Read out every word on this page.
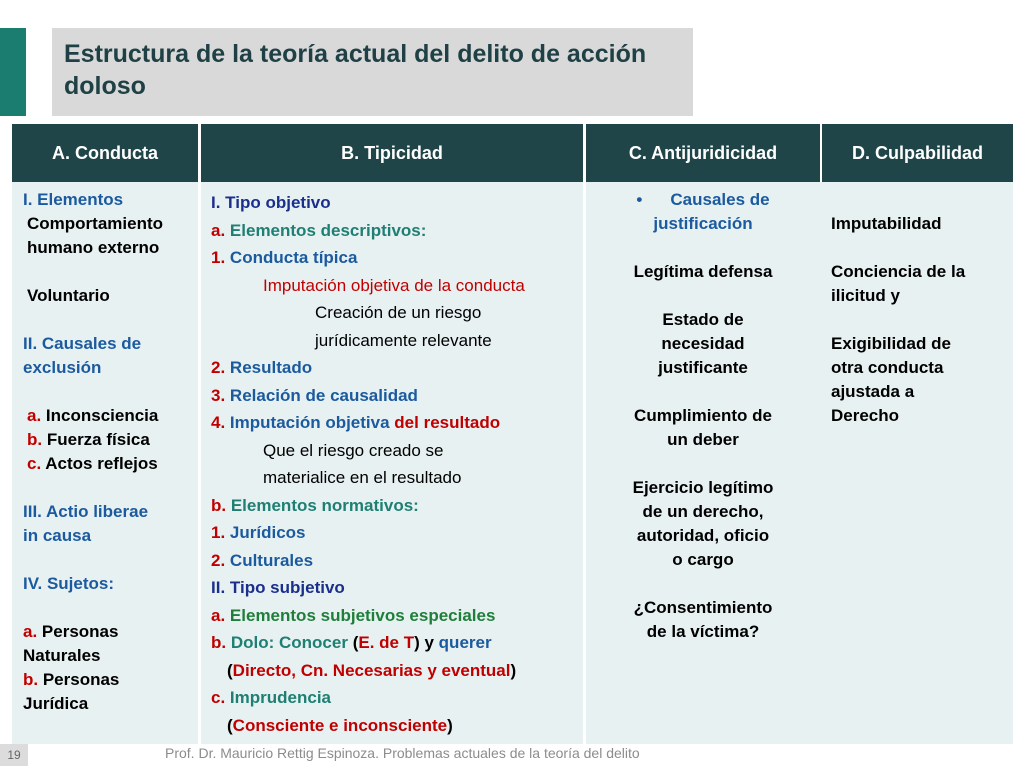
Estructura de la teoría actual del delito de acción doloso
A. Conducta
I. Elementos
Comportamiento
humano externo
Voluntario
II. Causales de
exclusión
a. Inconsciencia
b. Fuerza física
c. Actos reflejos
III. Actio liberae
in causa
IV. Sujetos:
a. Personas
Naturales
b. Personas
Jurídica
B. Tipicidad
I. Tipo objetivo
a. Elementos descriptivos:
1. Conducta típica
Imputación objetiva de la conducta
Creación de un riesgo
jurídicamente relevante
2. Resultado
3. Relación de causalidad
4. Imputación objetiva del resultado
Que el riesgo creado se
materialice en el resultado
b. Elementos normativos:
1. Jurídicos
2. Culturales
II. Tipo subjetivo
a. Elementos subjetivos especiales
b. Dolo: Conocer (E. de T) y querer
(Directo, Cn. Necesarias y eventual)
c. Imprudencia
(Consciente e inconsciente)
C. Antijuridicidad
•	Causales de
justificación
Legítima defensa
Estado de
necesidad
justificante
Cumplimiento de
un deber
Ejercicio legítimo
de un derecho,
autoridad, oficio
o cargo
¿Consentimiento
de la víctima?
D. Culpabilidad
Imputabilidad
Conciencia de la
ilicitud y
Exigibilidad de
otra conducta
ajustada a
Derecho
19	Prof. Dr. Mauricio Rettig Espinoza. Problemas actuales de la teoría del delito
